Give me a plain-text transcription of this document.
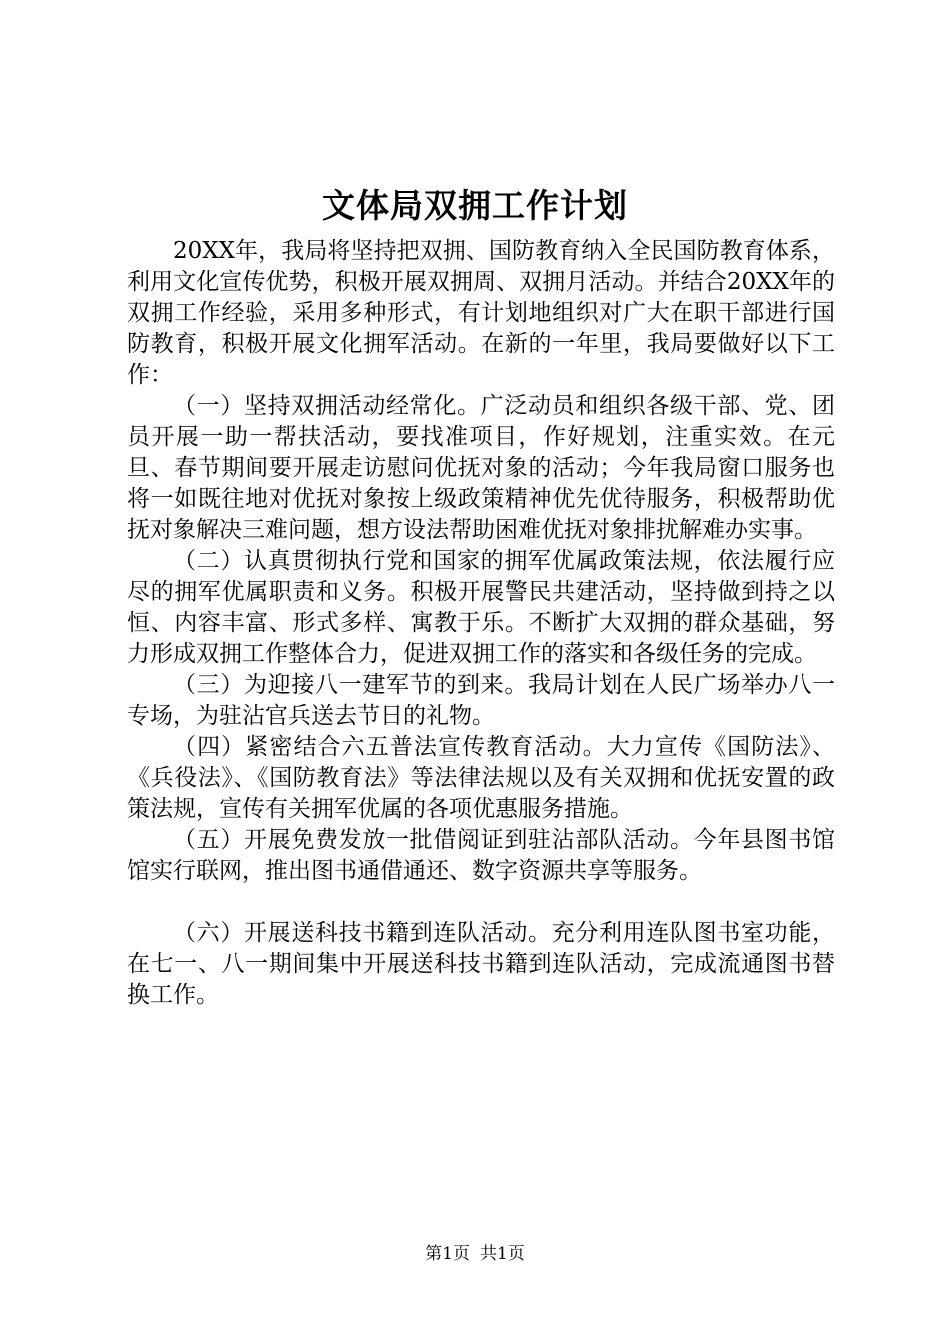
文体局双拥工作计划

20XX年，我局将坚持把双拥、国防教育纳入全民国防教育体系，利用文化宣传优势，积极开展双拥周、双拥月活动。并结合20XX年的双拥工作经验，采用多种形式，有计划地组织对广大在职干部进行国防教育，积极开展文化拥军活动。在新的一年里，我局要做好以下工作：

（一）坚持双拥活动经常化。广泛动员和组织各级干部、党、团员开展一助一帮扶活动，要找准项目，作好规划，注重实效。在元旦、春节期间要开展走访慰问优抚对象的活动；今年我局窗口服务也将一如既往地对优抚对象按上级政策精神优先优待服务，积极帮助优抚对象解决三难问题，想方设法帮助困难优抚对象排扰解难办实事。

（二）认真贯彻执行党和国家的拥军优属政策法规，依法履行应尽的拥军优属职责和义务。积极开展警民共建活动，坚持做到持之以恒、内容丰富、形式多样、寓教于乐。不断扩大双拥的群众基础，努力形成双拥工作整体合力，促进双拥工作的落实和各级任务的完成。

（三）为迎接八一建军节的到来。我局计划在人民广场举办八一专场，为驻沾官兵送去节日的礼物。

（四）紧密结合六五普法宣传教育活动。大力宣传《国防法》、《兵役法》、《国防教育法》等法律法规以及有关双拥和优抚安置的政策法规，宣传有关拥军优属的各项优惠服务措施。

（五）开展免费发放一批借阅证到驻沾部队活动。今年县图书馆馆实行联网，推出图书通借通还、数字资源共享等服务。

（六）开展送科技书籍到连队活动。充分利用连队图书室功能，在七一、八一期间集中开展送科技书籍到连队活动，完成流通图书替换工作。

第1页 共1页
